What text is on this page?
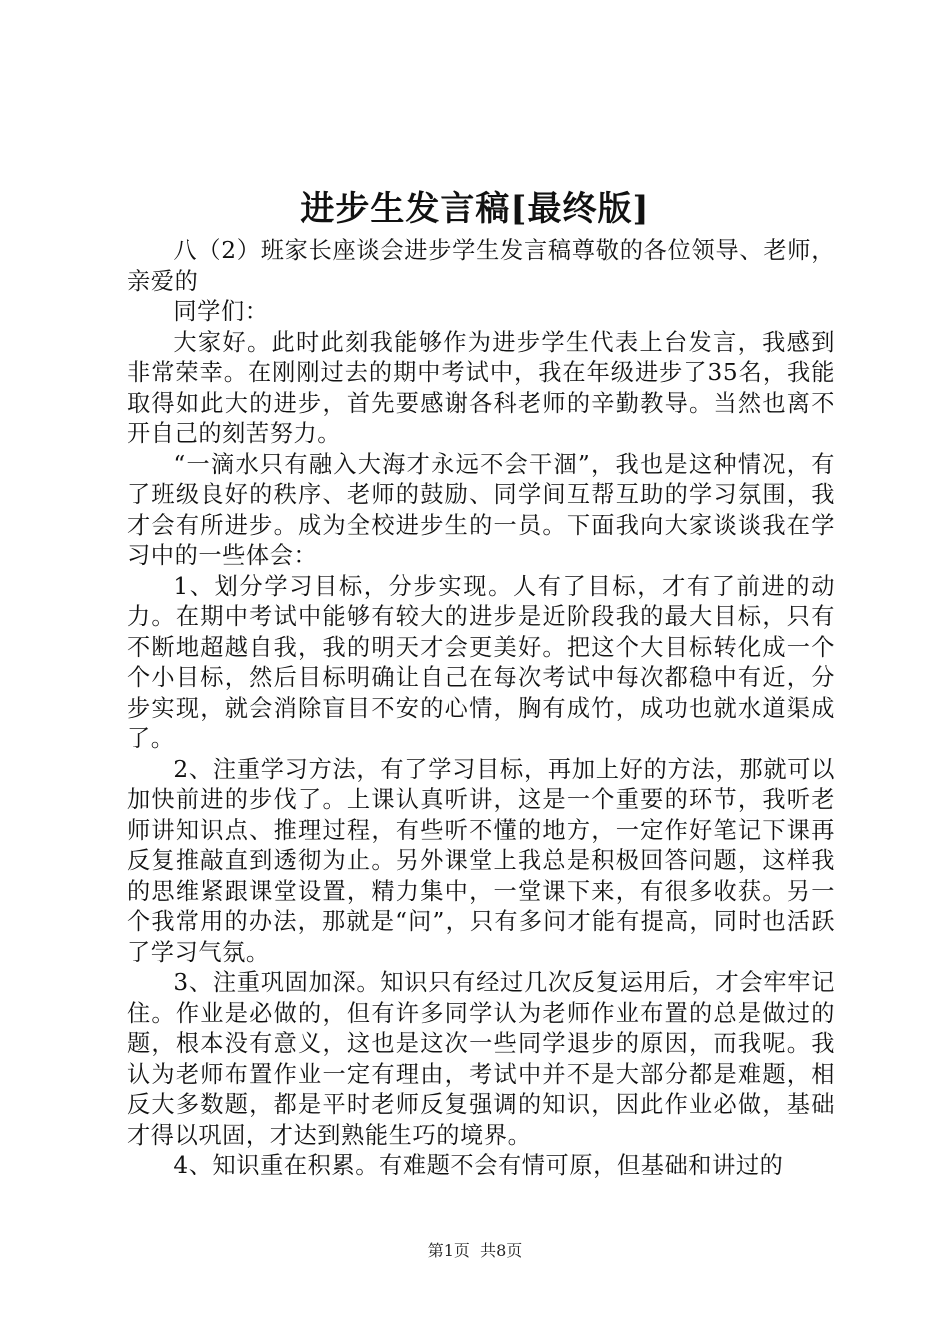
进步生发言稿[最终版]

八（2）班家长座谈会进步学生发言稿尊敬的各位领导、老师，亲爱的

同学们：

大家好。此时此刻我能够作为进步学生代表上台发言，我感到非常荣幸。在刚刚过去的期中考试中，我在年级进步了35名，我能取得如此大的进步，首先要感谢各科老师的辛勤教导。当然也离不开自己的刻苦努力。

“一滴水只有融入大海才永远不会干涸”，我也是这种情况，有了班级良好的秩序、老师的鼓励、同学间互帮互助的学习氛围，我才会有所进步。成为全校进步生的一员。下面我向大家谈谈我在学习中的一些体会：

1、划分学习目标，分步实现。人有了目标，才有了前进的动力。在期中考试中能够有较大的进步是近阶段我的最大目标，只有不断地超越自我，我的明天才会更美好。把这个大目标转化成一个个小目标，然后目标明确让自己在每次考试中每次都稳中有近，分步实现，就会消除盲目不安的心情，胸有成竹，成功也就水道渠成了。

2、注重学习方法，有了学习目标，再加上好的方法，那就可以加快前进的步伐了。上课认真听讲，这是一个重要的环节，我听老师讲知识点、推理过程，有些听不懂的地方，一定作好笔记下课再反复推敲直到透彻为止。另外课堂上我总是积极回答问题，这样我的思维紧跟课堂设置，精力集中，一堂课下来，有很多收获。另一个我常用的办法，那就是“问”，只有多问才能有提高，同时也活跃了学习气氛。

3、注重巩固加深。知识只有经过几次反复运用后，才会牢牢记住。作业是必做的，但有许多同学认为老师作业布置的总是做过的题，根本没有意义，这也是这次一些同学退步的原因，而我呢。我认为老师布置作业一定有理由，考试中并不是大部分都是难题，相反大多数题，都是平时老师反复强调的知识，因此作业必做，基础才得以巩固，才达到熟能生巧的境界。

4、知识重在积累。有难题不会有情可原，但基础和讲过的

第1页  共8页
